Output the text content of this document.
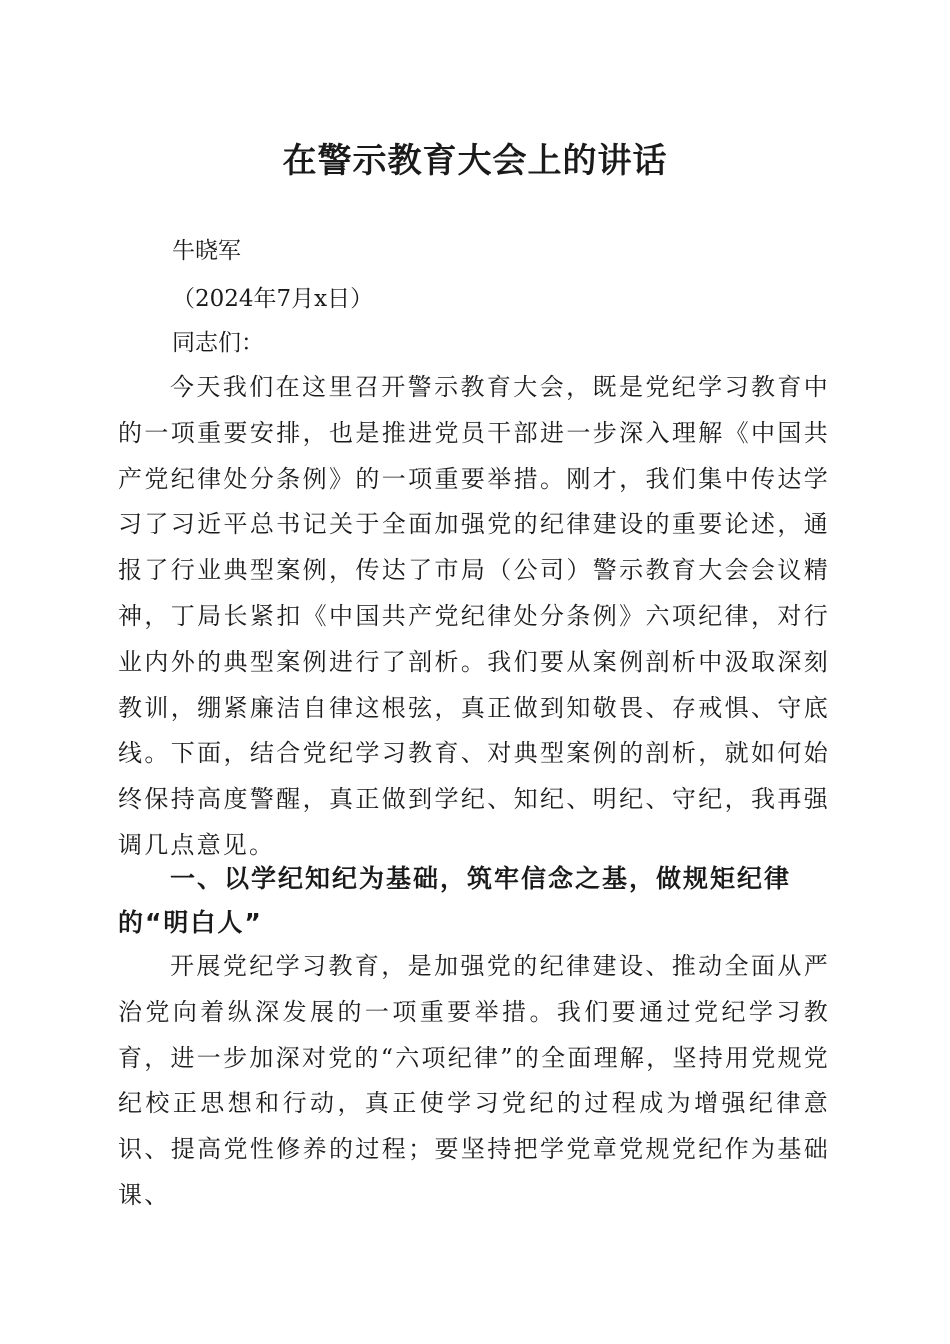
在警示教育大会上的讲话

牛晓军

（2024年7月x日）

同志们：

今天我们在这里召开警示教育大会，既是党纪学习教育中的一项重要安排，也是推进党员干部进一步深入理解《中国共产党纪律处分条例》的一项重要举措。刚才，我们集中传达学习了习近平总书记关于全面加强党的纪律建设的重要论述，通报了行业典型案例，传达了市局（公司）警示教育大会会议精神，丁局长紧扣《中国共产党纪律处分条例》六项纪律，对行业内外的典型案例进行了剖析。我们要从案例剖析中汲取深刻教训，绷紧廉洁自律这根弦，真正做到知敬畏、存戒惧、守底线。下面，结合党纪学习教育、对典型案例的剖析，就如何始终保持高度警醒，真正做到学纪、知纪、明纪、守纪，我再强调几点意见。

一、以学纪知纪为基础，筑牢信念之基，做规矩纪律的“明白人”

开展党纪学习教育，是加强党的纪律建设、推动全面从严治党向着纵深发展的一项重要举措。我们要通过党纪学习教育，进一步加深对党的“六项纪律”的全面理解，坚持用党规党纪校正思想和行动，真正使学习党纪的过程成为增强纪律意识、提高党性修养的过程；要坚持把学党章党规党纪作为基础课、
